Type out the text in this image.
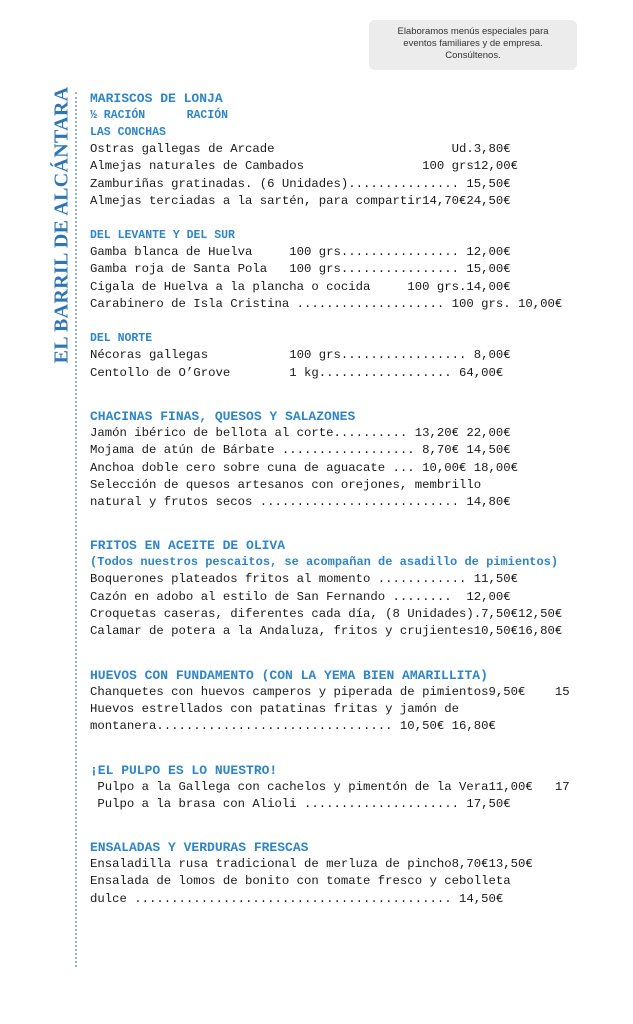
Elaboramos menús especiales para
eventos familiares y de empresa.
Consúltenos.
EL BARRIL DE ALCÁNTARA MARISCOS DE LONJA
½ RACIÓN      RACIÓN
LAS CONCHAS
Ostras gallegas de Arcade                        Ud.3,80€
Almejas naturales de Cambados                100 grs12,00€
Zamburiñas gratinadas. (6 Unidades)............... 15,50€
Almejas terciadas a la sartén, para compartir14,70€24,50€
DEL LEVANTE Y DEL SUR
Gamba blanca de Huelva     100 grs................ 12,00€
Gamba roja de Santa Pola   100 grs................ 15,00€
Cigala de Huelva a la plancha o cocida     100 grs.14,00€
Carabinero de Isla Cristina .................... 100 grs. 10,00€
DEL NORTE
Nécoras gallegas           100 grs................. 8,00€
Centollo de O’Grove        1 kg.................. 64,00€
CHACINAS FINAS, QUESOS Y SALAZONES
Jamón ibérico de bellota al corte.......... 13,20€ 22,00€
Mojama de atún de Bárbate .................. 8,70€ 14,50€
Anchoa doble cero sobre cuna de aguacate ... 10,00€ 18,00€
Selección de quesos artesanos con orejones, membrillo
natural y frutos secos ........................... 14,80€
FRITOS EN ACEITE DE OLIVA
(Todos nuestros pescaitos, se acompañan de asadillo de pimientos)
Boquerones plateados fritos al momento ............ 11,50€
Cazón en adobo al estilo de San Fernando ........  12,00€
Croquetas caseras, diferentes cada día, (8 Unidades).7,50€12,50€
Calamar de potera a la Andaluza, fritos y crujientes10,50€16,80€
HUEVOS CON FUNDAMENTO (CON LA YEMA BIEN AMARILLITA)
Chanquetes con huevos camperos y piperada de pimientos9,50€    15
Huevos estrellados con patatinas fritas y jamón de
montanera................................ 10,50€ 16,80€
¡EL PULPO ES LO NUESTRO!
Pulpo a la Gallega con cachelos y pimentón de la Vera11,00€   17
Pulpo a la brasa con Alioli ..................... 17,50€
ENSALADAS Y VERDURAS FRESCAS
Ensaladilla rusa tradicional de merluza de pincho8,70€13,50€
Ensalada de lomos de bonito con tomate fresco y cebolleta
dulce ........................................... 14,50€
